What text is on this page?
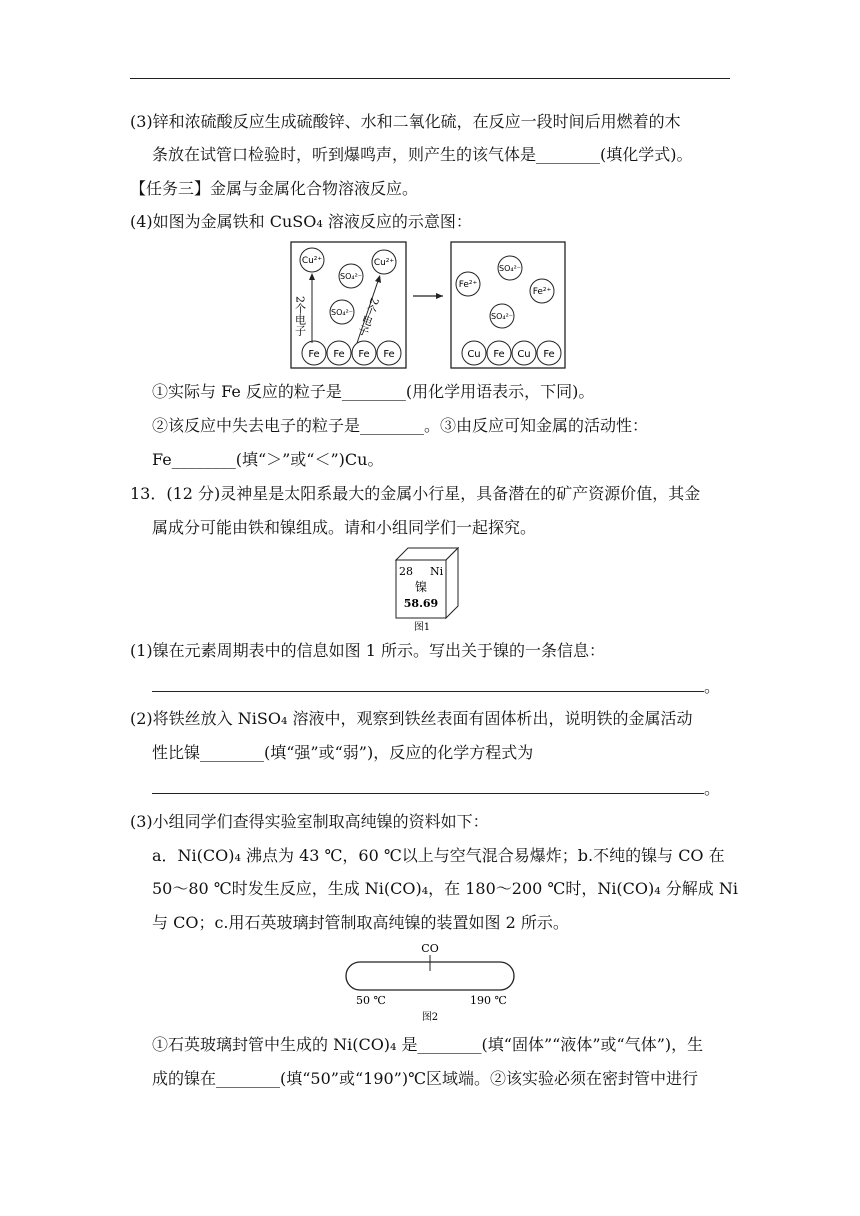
(3)锌和浓硫酸反应生成硫酸锌、水和二氧化硫，在反应一段时间后用燃着的木
条放在试管口检验时，听到爆鸣声，则产生的该气体是________(填化学式)。
【任务三】金属与金属化合物溶液反应。
(4)如图为金属铁和 CuSO₄ 溶液反应的示意图：
Cu²⁺
SO₄²⁻
Cu²⁺
SO₄²⁻
2个电子	2个电子
Fe Fe Fe Fe
Fe²⁺
SO₄²⁻
Fe²⁺
SO₄²⁻
Cu Fe Cu Fe
①实际与 Fe 反应的粒子是________(用化学用语表示，下同)。
②该反应中失去电子的粒子是________。③由反应可知金属的活动性：
Fe________(填“＞”或“＜”)Cu。
13．(12 分)灵神星是太阳系最大的金属小行星，具备潜在的矿产资源价值，其金
属成分可能由铁和镍组成。请和小组同学们一起探究。
28 Ni
镍
58.69
图1
(1)镍在元素周期表中的信息如图 1 所示。写出关于镍的一条信息：
。
(2)将铁丝放入 NiSO₄ 溶液中，观察到铁丝表面有固体析出，说明铁的金属活动
性比镍________(填“强”或“弱”)，反应的化学方程式为
。
(3)小组同学们查得实验室制取高纯镍的资料如下：
a．Ni(CO)₄ 沸点为 43 ℃，60 ℃以上与空气混合易爆炸；b.不纯的镍与 CO 在
50～80 ℃时发生反应，生成 Ni(CO)₄，在 180～200 ℃时，Ni(CO)₄ 分解成 Ni
与 CO；c.用石英玻璃封管制取高纯镍的装置如图 2 所示。
CO
50 ℃	190 ℃
图2
①石英玻璃封管中生成的 Ni(CO)₄ 是________(填“固体”“液体”或“气体”)，生
成的镍在________(填“50”或“190”)℃区域端。②该实验必须在密封管中进行
